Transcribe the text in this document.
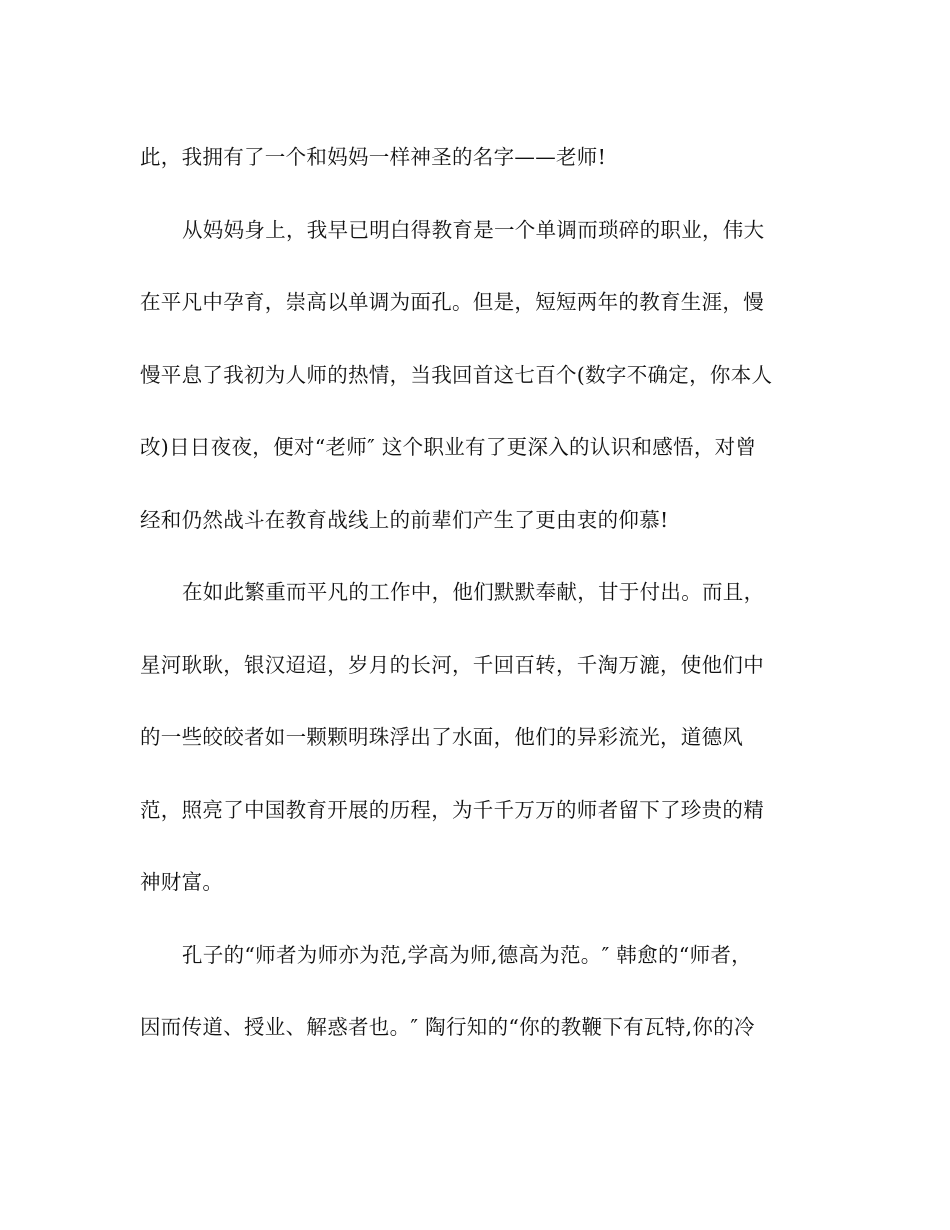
此，我拥有了一个和妈妈一样神圣的名字——老师!
从妈妈身上，我早已明白得教育是一个单调而琐碎的职业，伟大
在平凡中孕育，崇高以单调为面孔。但是，短短两年的教育生涯，慢
慢平息了我初为人师的热情，当我回首这七百个(数字不确定，你本人
改)日日夜夜，便对“老师″ 这个职业有了更深入的认识和感悟，对曾
经和仍然战斗在教育战线上的前辈们产生了更由衷的仰慕!
在如此繁重而平凡的工作中，他们默默奉献，甘于付出。而且，
星河耿耿，银汉迢迢，岁月的长河，千回百转，千淘万漉，使他们中
的一些皎皎者如一颗颗明珠浮出了水面，他们的异彩流光，道德风
范，照亮了中国教育开展的历程，为千千万万的师者留下了珍贵的精
神财富。
孔子的“师者为师亦为范,学高为师,德高为范。″ 韩愈的“师者，
因而传道、授业、解惑者也。″ 陶行知的“你的教鞭下有瓦特,你的冷
